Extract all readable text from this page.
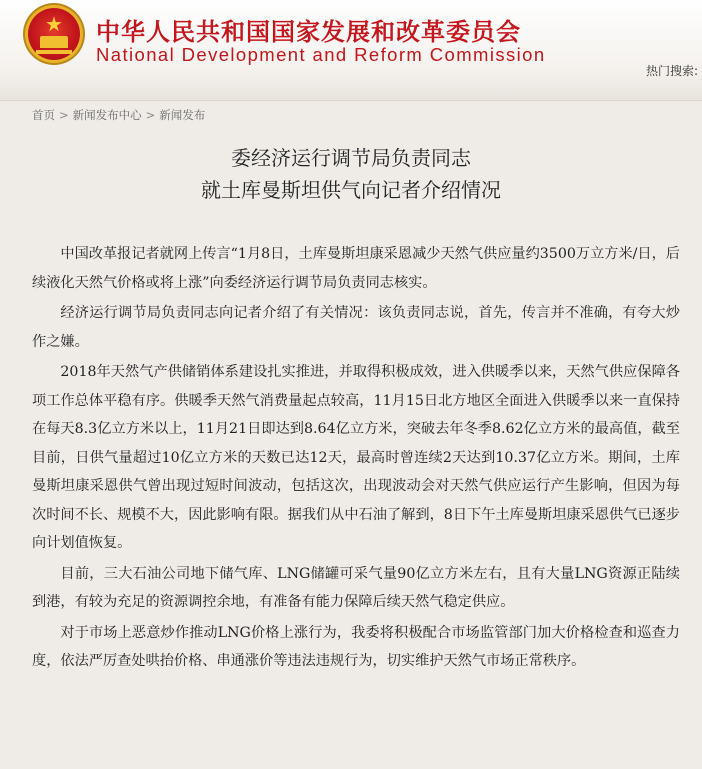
★	中华人民共和国国家发展和改革委员会
National Development and Reform Commission
热门搜索:
首页 > 新闻发布中心 > 新闻发布
委经济运行调节局负责同志
就土库曼斯坦供气向记者介绍情况

中国改革报记者就网上传言“1月8日，土库曼斯坦康采恩减少天然气供应量约3500万立方米/日，后续液化天然气价格或将上涨”向委经济运行调节局负责同志核实。

经济运行调节局负责同志向记者介绍了有关情况：该负责同志说，首先，传言并不准确，有夸大炒作之嫌。

2018年天然气产供储销体系建设扎实推进，并取得积极成效，进入供暖季以来，天然气供应保障各项工作总体平稳有序。供暖季天然气消费量起点较高，11月15日北方地区全面进入供暖季以来一直保持在每天8.3亿立方米以上，11月21日即达到8.64亿立方米，突破去年冬季8.62亿立方米的最高值，截至目前，日供气量超过10亿立方米的天数已达12天，最高时曾连续2天达到10.37亿立方米。期间，土库曼斯坦康采恩供气曾出现过短时间波动，包括这次，出现波动会对天然气供应运行产生影响，但因为每次时间不长、规模不大，因此影响有限。据我们从中石油了解到，8日下午土库曼斯坦康采恩供气已逐步向计划值恢复。

目前，三大石油公司地下储气库、LNG储罐可采气量90亿立方米左右，且有大量LNG资源正陆续到港，有较为充足的资源调控余地，有准备有能力保障后续天然气稳定供应。

对于市场上恶意炒作推动LNG价格上涨行为，我委将积极配合市场监管部门加大价格检查和巡查力度，依法严厉查处哄抬价格、串通涨价等违法违规行为，切实维护天然气市场正常秩序。
